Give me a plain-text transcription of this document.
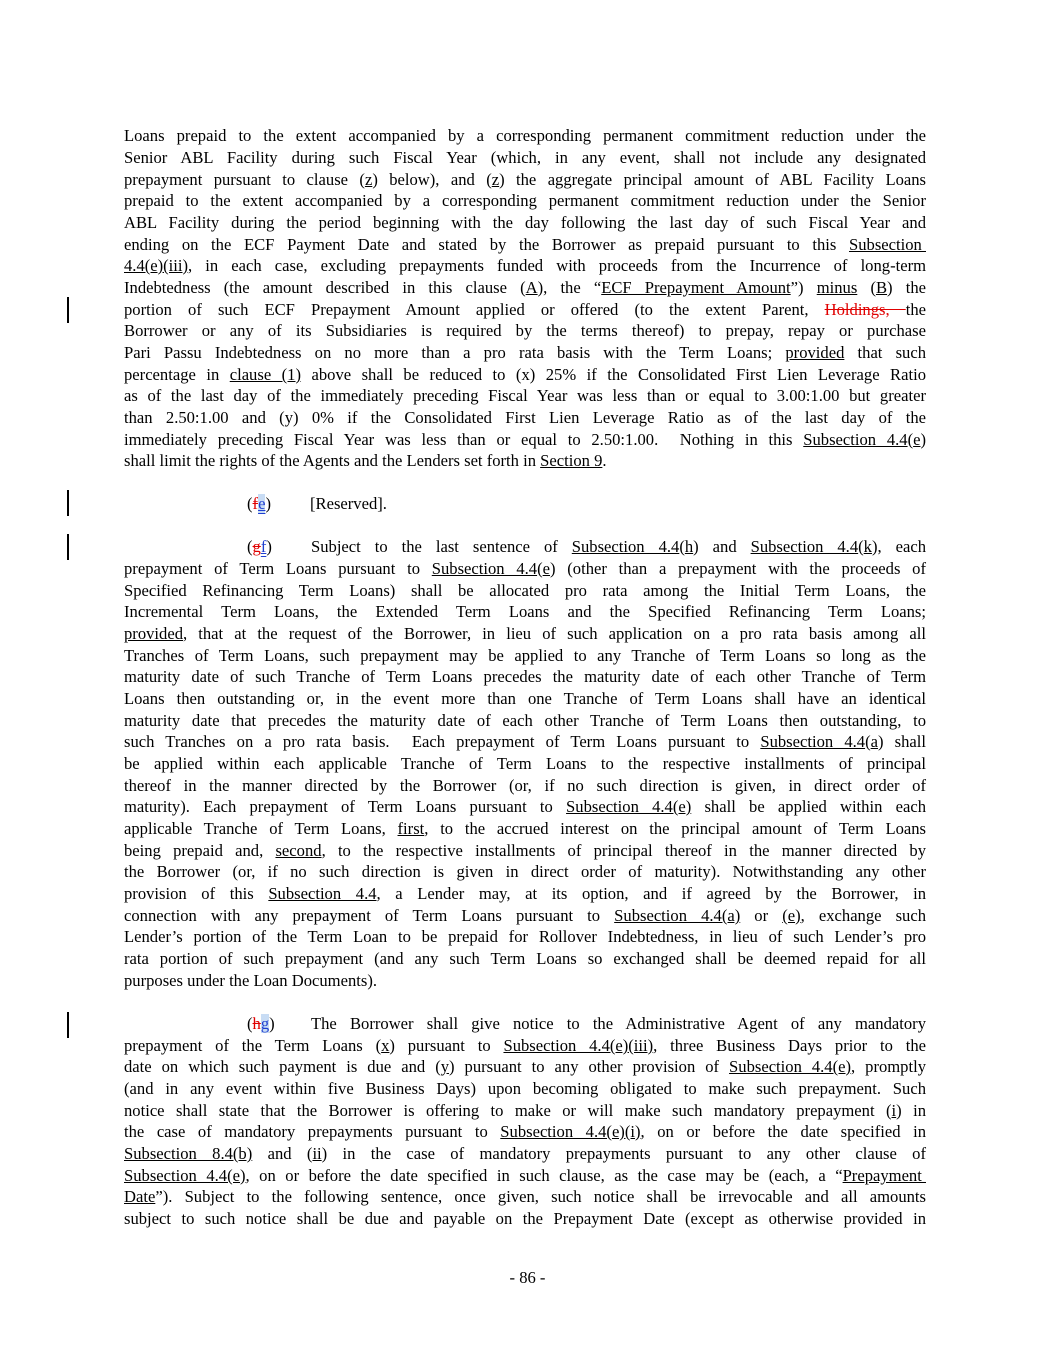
Loans prepaid to the extent accompanied by a corresponding permanent commitment reduction under the
Senior ABL Facility during such Fiscal Year (which, in any event, shall not include any designated
prepayment pursuant to clause (z) below), and (z) the aggregate principal amount of ABL Facility Loans
prepaid to the extent accompanied by a corresponding permanent commitment reduction under the Senior
ABL Facility during the period beginning with the day following the last day of such Fiscal Year and
ending on the ECF Payment Date and stated by the Borrower as prepaid pursuant to this Subsection
4.4(e)(iii), in each case, excluding prepayments funded with proceeds from the Incurrence of long-term
Indebtedness (the amount described in this clause (A), the “ECF Prepayment Amount”) minus (B) the
portion of such ECF Prepayment Amount applied or offered (to the extent Parent, Holdings, the
Borrower or any of its Subsidiaries is required by the terms thereof) to prepay, repay or purchase
Pari Passu Indebtedness on no more than a pro rata basis with the Term Loans; provided that such
percentage in clause (1) above shall be reduced to (x) 25% if the Consolidated First Lien Leverage Ratio
as of the last day of the immediately preceding Fiscal Year was less than or equal to 3.00:1.00 but greater
than 2.50:1.00 and (y) 0% if the Consolidated First Lien Leverage Ratio as of the last day of the
immediately preceding Fiscal Year was less than or equal to 2.50:1.00.  Nothing in this Subsection 4.4(e)
shall limit the rights of the Agents and the Lenders set forth in Section 9.
(fe) [Reserved].
(gf) Subject to the last sentence of Subsection 4.4(h) and Subsection 4.4(k), each
prepayment of Term Loans pursuant to Subsection 4.4(e) (other than a prepayment with the proceeds of
Specified Refinancing Term Loans) shall be allocated pro rata among the Initial Term Loans, the
Incremental Term Loans, the Extended Term Loans and the Specified Refinancing Term Loans;
provided, that at the request of the Borrower, in lieu of such application on a pro rata basis among all
Tranches of Term Loans, such prepayment may be applied to any Tranche of Term Loans so long as the
maturity date of such Tranche of Term Loans precedes the maturity date of each other Tranche of Term
Loans then outstanding or, in the event more than one Tranche of Term Loans shall have an identical
maturity date that precedes the maturity date of each other Tranche of Term Loans then outstanding, to
such Tranches on a pro rata basis.  Each prepayment of Term Loans pursuant to Subsection 4.4(a) shall
be applied within each applicable Tranche of Term Loans to the respective installments of principal
thereof in the manner directed by the Borrower (or, if no such direction is given, in direct order of
maturity). Each prepayment of Term Loans pursuant to Subsection 4.4(e) shall be applied within each
applicable Tranche of Term Loans, first, to the accrued interest on the principal amount of Term Loans
being prepaid and, second, to the respective installments of principal thereof in the manner directed by
the Borrower (or, if no such direction is given in direct order of maturity). Notwithstanding any other
provision of this Subsection 4.4, a Lender may, at its option, and if agreed by the Borrower, in
connection with any prepayment of Term Loans pursuant to Subsection 4.4(a) or (e), exchange such
Lender’s portion of the Term Loan to be prepaid for Rollover Indebtedness, in lieu of such Lender’s pro
rata portion of such prepayment (and any such Term Loans so exchanged shall be deemed repaid for all
purposes under the Loan Documents).
(hg) The Borrower shall give notice to the Administrative Agent of any mandatory
prepayment of the Term Loans (x) pursuant to Subsection 4.4(e)(iii), three Business Days prior to the
date on which such payment is due and (y) pursuant to any other provision of Subsection 4.4(e), promptly
(and in any event within five Business Days) upon becoming obligated to make such prepayment. Such
notice shall state that the Borrower is offering to make or will make such mandatory prepayment (i) in
the case of mandatory prepayments pursuant to Subsection 4.4(e)(i), on or before the date specified in
Subsection 8.4(b) and (ii) in the case of mandatory prepayments pursuant to any other clause of
Subsection 4.4(e), on or before the date specified in such clause, as the case may be (each, a “Prepayment
Date”). Subject to the following sentence, once given, such notice shall be irrevocable and all amounts
subject to such notice shall be due and payable on the Prepayment Date (except as otherwise provided in
- 86 -
